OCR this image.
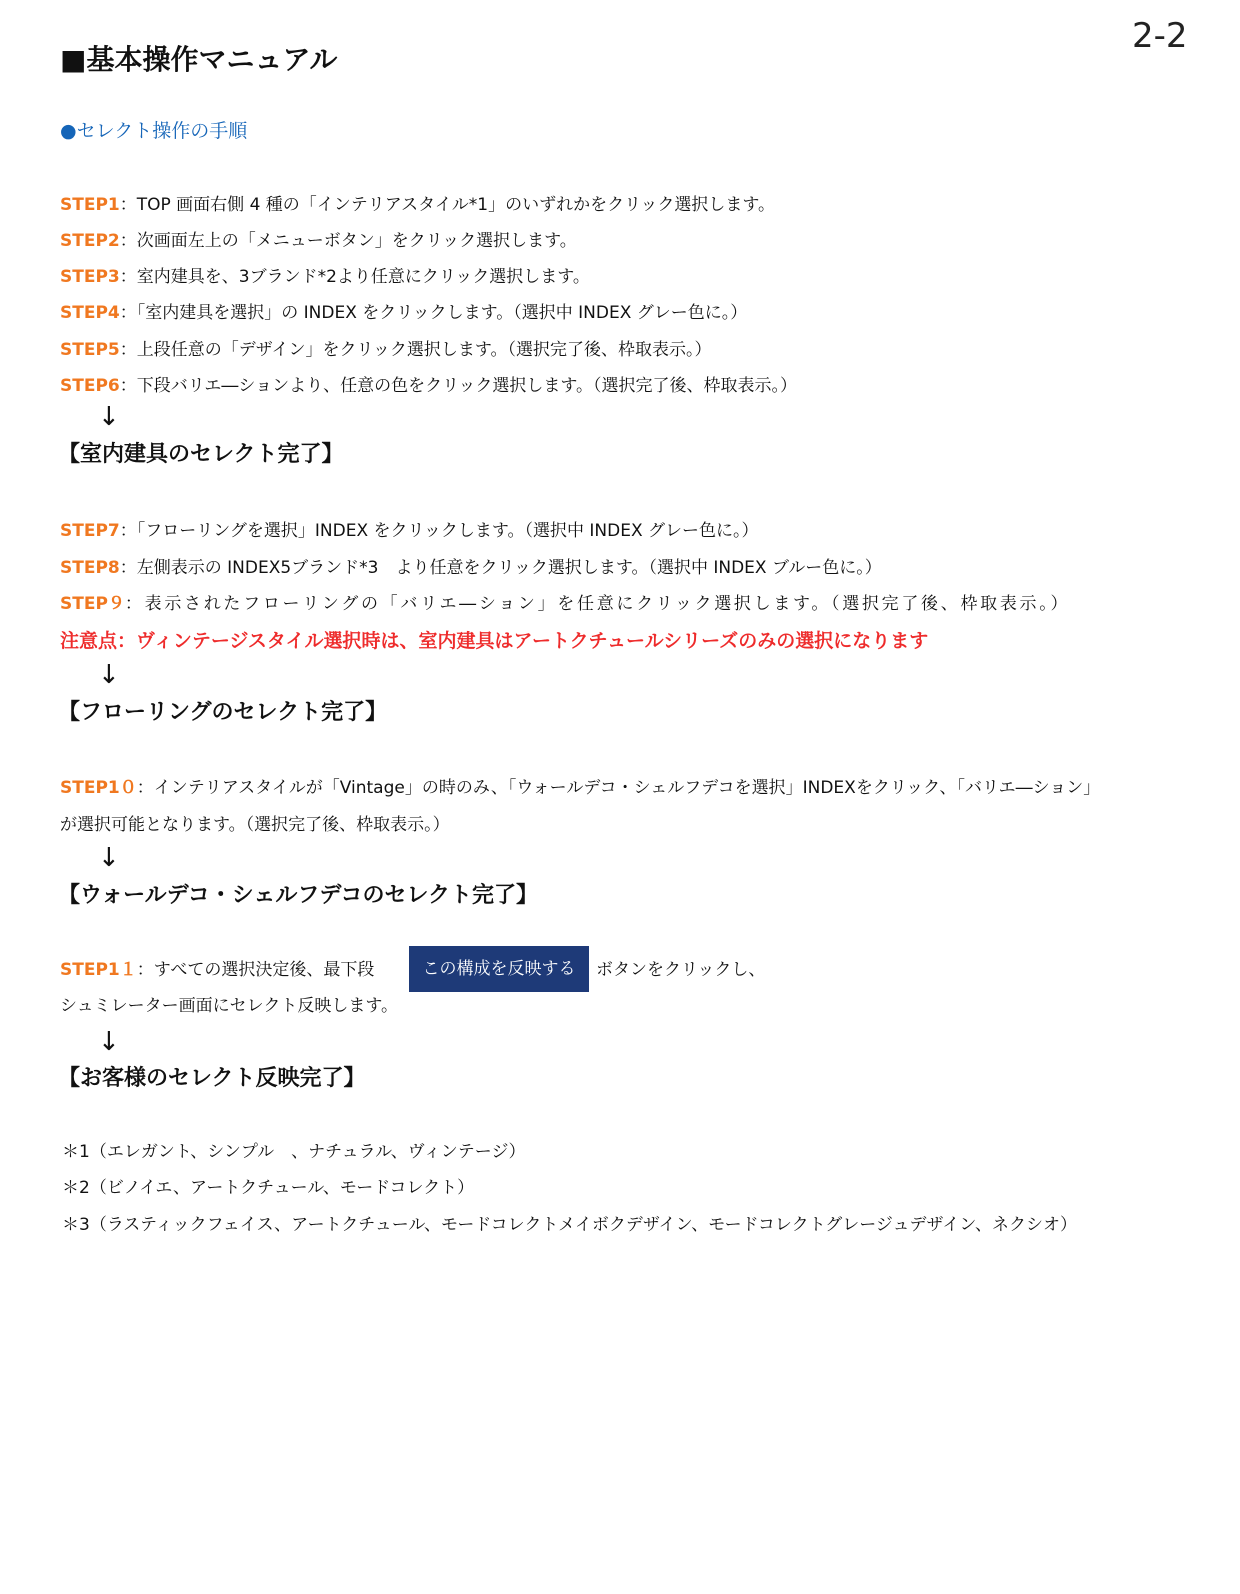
2-2
■基本操作マニュアル
●セレクト操作の手順
STEP1：TOP 画面右側 4 種の「インテリアスタイル*1」のいずれかをクリック選択します。
STEP2：次画面左上の「メニューボタン」をクリック選択します。
STEP3：室内建具を、3ブランド*2より任意にクリック選択します。
STEP4：「室内建具を選択」の INDEX をクリックします。（選択中 INDEX グレー色に。）
STEP5：上段任意の「デザイン」をクリック選択します。（選択完了後、枠取表示。）
STEP6：下段バリエ―ションより、任意の色をクリック選択します。（選択完了後、枠取表示。）
↓
【室内建具のセレクト完了】
STEP7：「フローリングを選択」INDEX をクリックします。（選択中 INDEX グレー色に。）
STEP8：左側表示の INDEX5ブランド*3　より任意をクリック選択します。（選択中 INDEX ブルー色に。）
STEP９：表示されたフローリングの「バリエ―ション」を任意にクリック選択します。（選択完了後、枠取表示。）
注意点：ヴィンテージスタイル選択時は、室内建具はアートクチュールシリーズのみの選択になります
↓
【フローリングのセレクト完了】
STEP1０：インテリアスタイルが「Vintage」の時のみ、「ウォールデコ・シェルフデコを選択」INDEXをクリック、「バリエ―ション」
が選択可能となります。（選択完了後、枠取表示。）
↓
【ウォールデコ・シェルフデコのセレクト完了】
STEP1１：すべての選択決定後、最下段	この構成を反映する	ボタンをクリックし、
シュミレーター画面にセレクト反映します。
↓
【お客様のセレクト反映完了】
＊1（エレガント、シンプル　、ナチュラル、ヴィンテージ）
＊2（ビノイエ、アートクチュール、モードコレクト）
＊3（ラスティックフェイス、アートクチュール、モードコレクトメイボクデザイン、モードコレクトグレージュデザイン、ネクシオ）
